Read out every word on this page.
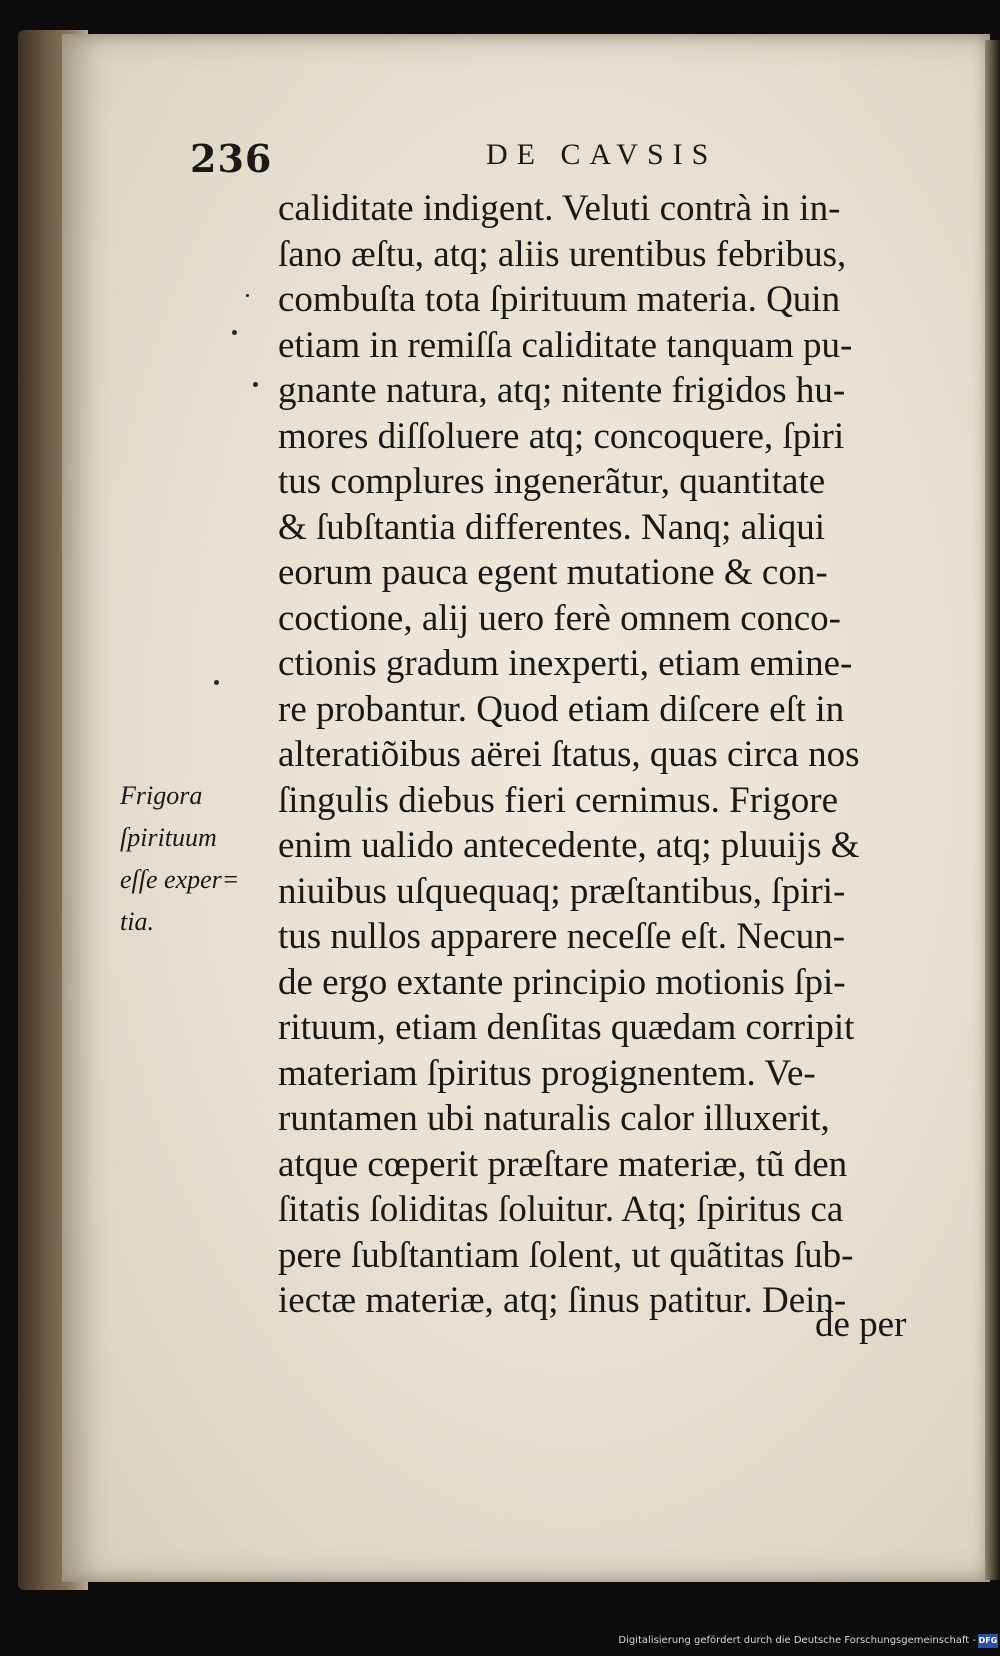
236	DE CAVSIS
caliditate indigent. Veluti contrà in in-
ſano æſtu, atq; aliis urentibus febribus,
combuſta tota ſpirituum materia. Quin
etiam in remiſſa caliditate tanquam pu-
gnante natura, atq; nitente frigidos hu-
mores diſſoluere atq; concoquere, ſpiri
tus complures ingenerãtur, quantitate
& ſubſtantia differentes. Nanq; aliqui
eorum pauca egent mutatione & con-
coctione, alij uero ferè omnem conco-
ctionis gradum inexperti, etiam emine-
re probantur. Quod etiam diſcere eſt in
alteratiõibus aërei ſtatus, quas circa nos
ſingulis diebus fieri cernimus. Frigore
enim ualido antecedente, atq; pluuijs &
niuibus uſquequaq; præſtantibus, ſpiri-
tus nullos apparere neceſſe eſt. Necun-
de ergo extante principio motionis ſpi-
rituum, etiam denſitas quædam corripit
materiam ſpiritus progignentem. Ve-
runtamen ubi naturalis calor illuxerit,
atque cœperit præſtare materiæ, tũ den
ſitatis ſoliditas ſoluitur. Atq; ſpiritus ca
pere ſubſtantiam ſolent, ut quãtitas ſub-
iectæ materiæ, atq; ſinus patitur. Dein-
de per
Frigora
ſpirituum
eſſe exper=
tia.
Digitalisierung gefördert durch die Deutsche Forschungsgemeinschaft - DFG
